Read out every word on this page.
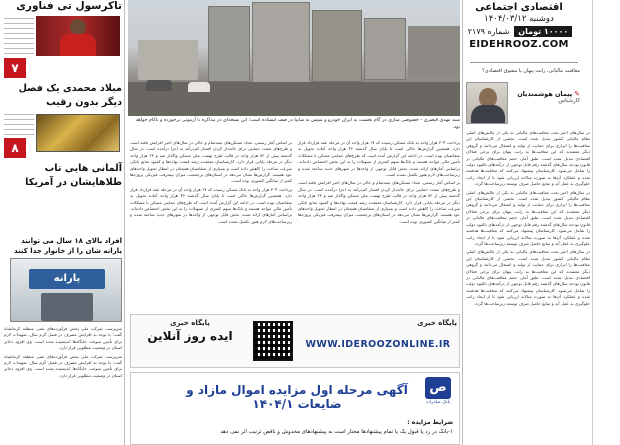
اقتصادی اجتماعی
دوشنبه ۱۴۰۴/۰۳/۱۲
۱۰۰۰۰ تومان
شماره ۲۱۷۹
EIDEHROOZ.COM
معافیت مالیاتی، رانت پنهان یا مشوق اقتصادی؟
✎
پیمان هوشمندیان
کارشناس

در سال‌های اخیر بحث معافیت‌های مالیاتی به یکی از چالش‌های اصلی نظام مالیاتی کشور تبدیل شده است. بخشی از کارشناسان این معافیت‌ها را ابزاری برای حمایت از تولید و اشتغال می‌دانند و گروهی دیگر معتقدند که این معافیت‌ها به رانت پنهان برای برخی فعالان اقتصادی تبدیل شده است. طبق آمار، حجم معافیت‌های مالیاتی در قانون بودجه سال‌های گذشته رقم قابل توجهی از درآمدهای بالقوه دولت را شامل می‌شود. کارشناسان پیشنهاد می‌کنند که معافیت‌ها هدفمند شده و عملکرد آن‌ها به صورت سالانه ارزیابی شود تا از ایجاد رانت جلوگیری به عمل آید و منابع حاصل صرف توسعه زیرساخت‌ها گردد.

در سال‌های اخیر بحث معافیت‌های مالیاتی به یکی از چالش‌های اصلی نظام مالیاتی کشور تبدیل شده است. بخشی از کارشناسان این معافیت‌ها را ابزاری برای حمایت از تولید و اشتغال می‌دانند و گروهی دیگر معتقدند که این معافیت‌ها به رانت پنهان برای برخی فعالان اقتصادی تبدیل شده است. طبق آمار، حجم معافیت‌های مالیاتی در قانون بودجه سال‌های گذشته رقم قابل توجهی از درآمدهای بالقوه دولت را شامل می‌شود. کارشناسان پیشنهاد می‌کنند که معافیت‌ها هدفمند شده و عملکرد آن‌ها به صورت سالانه ارزیابی شود تا از ایجاد رانت جلوگیری به عمل آید و منابع حاصل صرف توسعه زیرساخت‌ها گردد.

در سال‌های اخیر بحث معافیت‌های مالیاتی به یکی از چالش‌های اصلی نظام مالیاتی کشور تبدیل شده است. بخشی از کارشناسان این معافیت‌ها را ابزاری برای حمایت از تولید و اشتغال می‌دانند و گروهی دیگر معتقدند که این معافیت‌ها به رانت پنهان برای برخی فعالان اقتصادی تبدیل شده است. طبق آمار، حجم معافیت‌های مالیاتی در قانون بودجه سال‌های گذشته رقم قابل توجهی از درآمدهای بالقوه دولت را شامل می‌شود. کارشناسان پیشنهاد می‌کنند که معافیت‌ها هدفمند شده و عملکرد آن‌ها به صورت سالانه ارزیابی شود تا از ایجاد رانت جلوگیری به عمل آید و منابع حاصل صرف توسعه زیرساخت‌ها گردد.

سید مهدی قیصری - خصوصی سازی در گام نخست به ایران خودرو و سپس به سایپا در صف ایستاده است؛ این نسخه‌ای در مذاکره با آزمونی برخورده و ناکام خواهد بود.

پرداخت ۳۰۴ هزار واحد به بانک مسکن رسیده که ۱۷ هزار واحد آن در مرحله عقد قرارداد قرار دارد. همچنین گزارش‌ها حاکی است تا پایان سال گذشته ۴۶ هزار واحد آماده تحویل به متقاضیان بوده است. در ادامه این گزارش آمده است که طرح‌های حمایتی مسکن با مشکلات تأمین مالی مواجه هستند و بانک‌ها سهم کمتری از تسهیلات را به این بخش اختصاص داده‌اند. براساس آمارهای ارائه شده، بخش قابل توجهی از واحدها در شهرهای جدید ساخته شده و زیرساخت‌های لازم هنوز تکمیل نشده است.

بر اساس آمار رسمی، تعداد مسکن‌های نیمه‌تمام و خالی در سال‌های اخیر افزایش یافته است و طرح‌های متعدد حمایتی برای خانه‌دار کردن اقشار کم‌درآمد به اجرا درآمده است. در سال گذشته بیش از ۸۲ هزار واحد در قالب طرح نهضت ملی مسکن واگذار شد و ۲۳ هزار واحد دیگر در مرحله پایانی قرار دارد. کارشناسان معتقدند رشد قیمت نهاده‌ها و کمبود منابع بانکی سرعت ساخت را کاهش داده است و بسیاری از متقاضیان همچنان در انتظار تحویل واحدهای خود هستند. گزارش‌ها نشان می‌دهد در استان‌های پرجمعیت میزان پیشرفت فیزیکی پروژه‌ها کمتر از میانگین کشوری بوده است.

بر اساس آمار رسمی، تعداد مسکن‌های نیمه‌تمام و خالی در سال‌های اخیر افزایش یافته است و طرح‌های متعدد حمایتی برای خانه‌دار کردن اقشار کم‌درآمد به اجرا درآمده است. در سال گذشته بیش از ۸۲ هزار واحد در قالب طرح نهضت ملی مسکن واگذار شد و ۲۳ هزار واحد دیگر در مرحله پایانی قرار دارد. کارشناسان معتقدند رشد قیمت نهاده‌ها و کمبود منابع بانکی سرعت ساخت را کاهش داده است و بسیاری از متقاضیان همچنان در انتظار تحویل واحدهای خود هستند. گزارش‌ها نشان می‌دهد در استان‌های پرجمعیت میزان پیشرفت فیزیکی پروژه‌ها کمتر از میانگین کشوری بوده است.

پرداخت ۳۰۴ هزار واحد به بانک مسکن رسیده که ۱۷ هزار واحد آن در مرحله عقد قرارداد قرار دارد. همچنین گزارش‌ها حاکی است تا پایان سال گذشته ۴۶ هزار واحد آماده تحویل به متقاضیان بوده است. در ادامه این گزارش آمده است که طرح‌های حمایتی مسکن با مشکلات تأمین مالی مواجه هستند و بانک‌ها سهم کمتری از تسهیلات را به این بخش اختصاص داده‌اند. براساس آمارهای ارائه شده، بخش قابل توجهی از واحدها در شهرهای جدید ساخته شده و زیرساخت‌های لازم هنوز تکمیل نشده است.

پایگاه خبری
ایده روز آنلاین
پایگاه خبری
WWW.IDEROOZONLINE.IR
ص
بانک صادرات
آگهی مرحله اول مزایده اموال مازاد و ضایعات ۱۴۰۴/۱
شرایط مزایده :
۱-بانک در رد یا قبول یک یا تمام پیشنهادها مختار است به پیشنهادهای مخدوش و ناقص ترتیب اثر نمی دهد
تاکرسول تی فناوری
۷
میلاد محمدی یک فصل دیگر بدون رقیب
۸
آلمانی هایی تاب طلاهایشان در آمریکا
افراد بالای ۱۸ سال می توانند یارانه شان را از خانوار جدا کنند
یارانه

سرپرست شرکت ملی پخش فرآورده‌های نفتی منطقه کرمانشاه گفت: با توجه به افزایش مصرف در فصل گرم سال، تمهیدات لازم برای تأمین سوخت جایگاه‌ها اندیشیده شده است. وی افزود ذخایر استان در وضعیت مطلوبی قرار دارد.

سرپرست شرکت ملی پخش فرآورده‌های نفتی منطقه کرمانشاه گفت: با توجه به افزایش مصرف در فصل گرم سال، تمهیدات لازم برای تأمین سوخت جایگاه‌ها اندیشیده شده است. وی افزود ذخایر استان در وضعیت مطلوبی قرار دارد.
